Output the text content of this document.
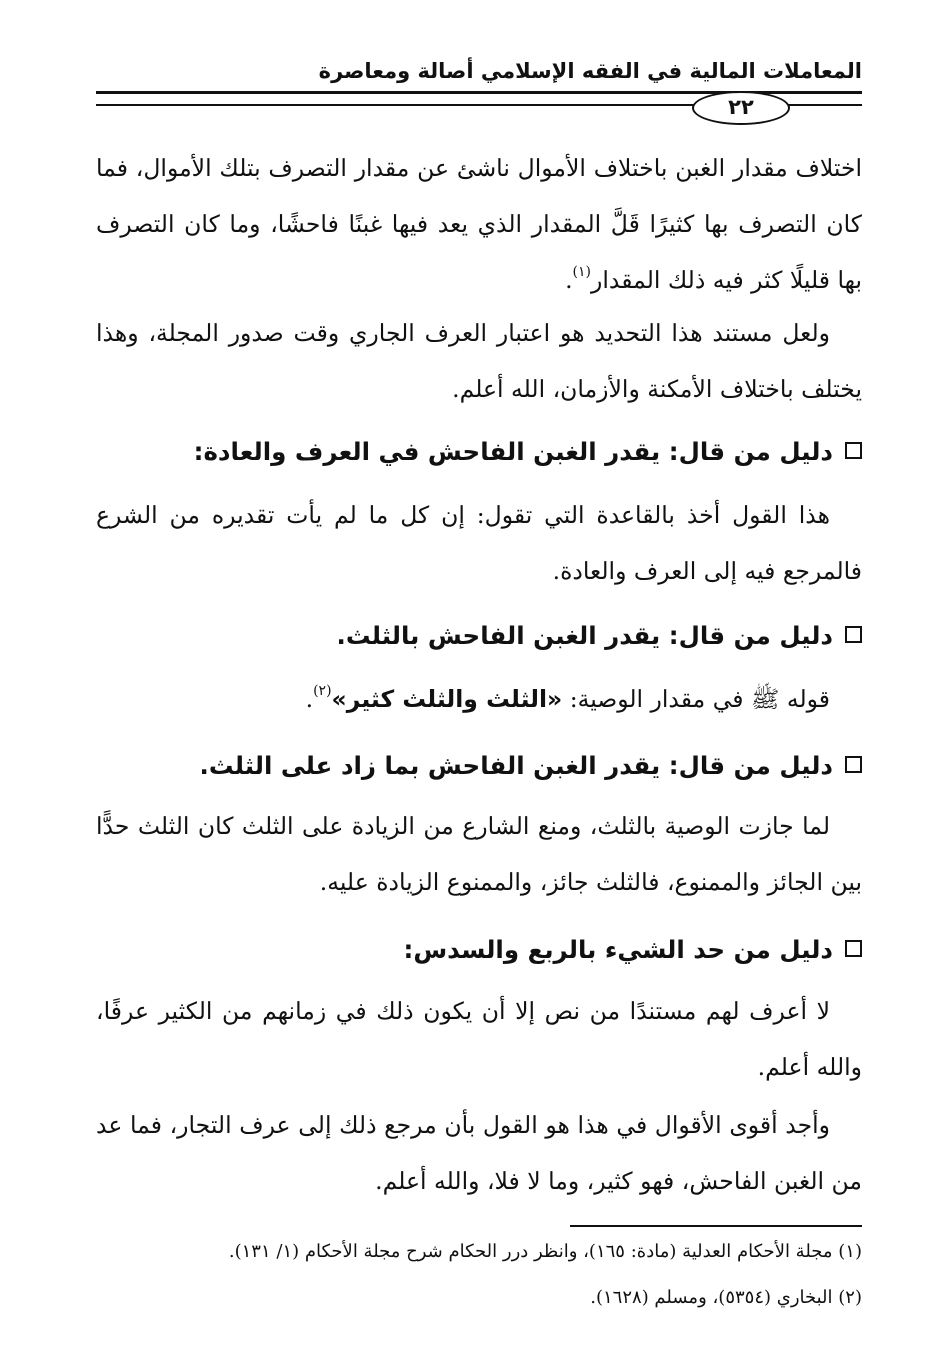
المعاملات المالية في الفقه الإسلامي أصالة ومعاصرة
٢٢
اختلاف مقدار الغبن باختلاف الأموال ناشئ عن مقدار التصرف بتلك الأموال، فما كان التصرف بها كثيرًا قَلَّ المقدار الذي يعد فيها غبنًا فاحشًا، وما كان التصرف بها قليلًا كثر فيه ذلك المقدار$^{(١)}$.
ولعل مستند هذا التحديد هو اعتبار العرف الجاري وقت صدور المجلة، وهذا يختلف باختلاف الأمكنة والأزمان، الله أعلم.
دليل من قال: يقدر الغبن الفاحش في العرف والعادة:
هذا القول أخذ بالقاعدة التي تقول: إن كل ما لم يأت تقديره من الشرع فالمرجع فيه إلى العرف والعادة.
دليل من قال: يقدر الغبن الفاحش بالثلث.
قوله ﷺ في مقدار الوصية: «الثلث والثلث كثير»$^{(٢)}$.
دليل من قال: يقدر الغبن الفاحش بما زاد على الثلث.
لما جازت الوصية بالثلث، ومنع الشارع من الزيادة على الثلث كان الثلث حدًّا بين الجائز والممنوع، فالثلث جائز، والممنوع الزيادة عليه.
دليل من حد الشيء بالربع والسدس:
لا أعرف لهم مستندًا من نص إلا أن يكون ذلك في زمانهم من الكثير عرفًا، والله أعلم.
وأجد أقوى الأقوال في هذا هو القول بأن مرجع ذلك إلى عرف التجار، فما عد من الغبن الفاحش، فهو كثير، وما لا فلا، والله أعلم.
(١) مجلة الأحكام العدلية (مادة: ١٦٥)، وانظر درر الحكام شرح مجلة الأحكام (١/ ١٣١).
(٢) البخاري (٥٣٥٤)، ومسلم (١٦٢٨).
